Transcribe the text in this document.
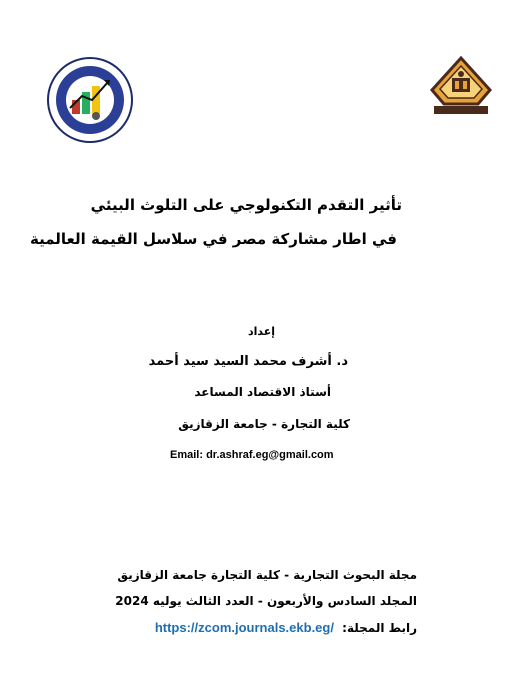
تأثير التقدم التكنولوجي على التلوث البيئي
في اطار مشاركة مصر في سلاسل القيمة العالمية
إعداد
د. أشرف محمد السيد سيد أحمد
أستاذ الاقتصاد المساعد
كلية التجارة - جامعة الزقازيق
Email: dr.ashraf.eg@gmail.com
مجلة البحوث التجارية - كلية التجارة جامعة الزقازيق
المجلد السادس والأربعون - العدد الثالث يوليه 2024
رابط المجلة: https://zcom.journals.ekb.eg/
